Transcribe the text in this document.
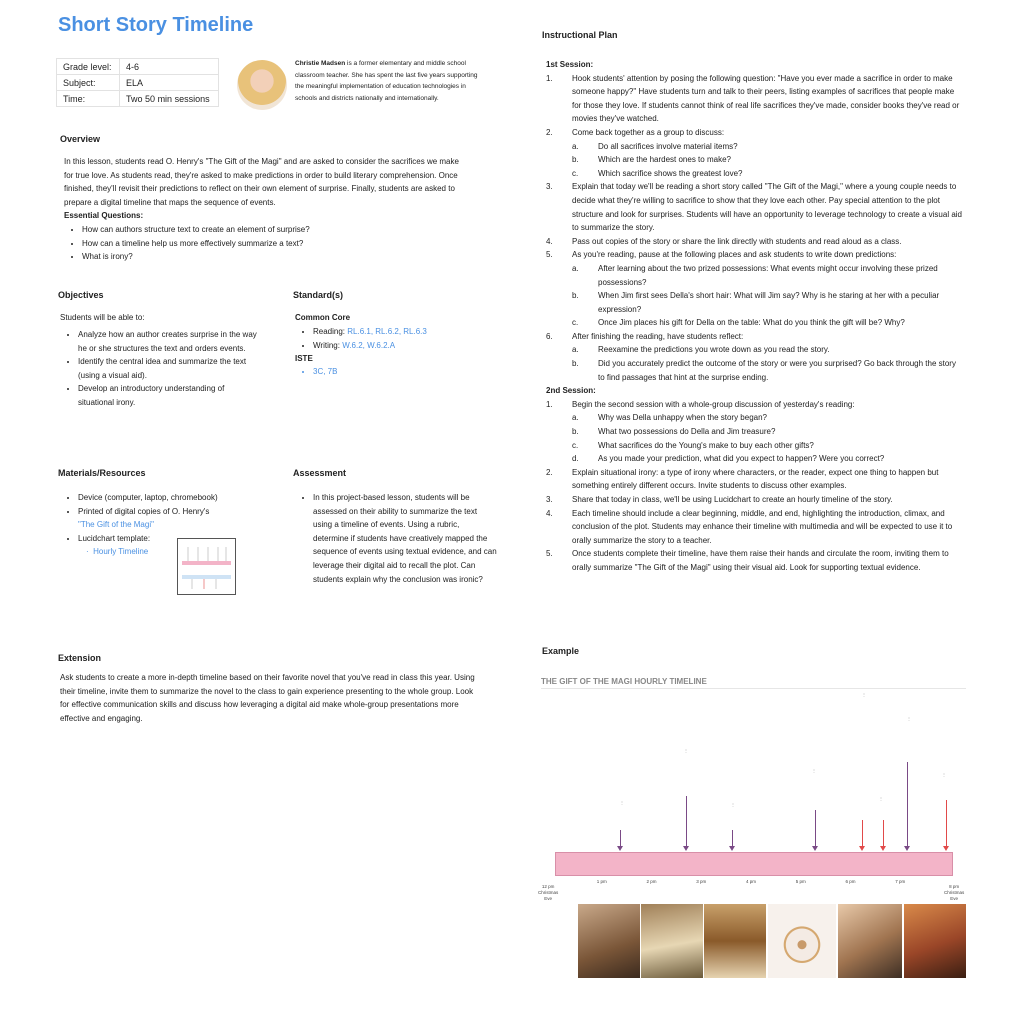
Short Story Timeline
Grade level:	4-6
Subject:	ELA
Time:	Two 50 min sessions
Christie Madsen is a former elementary and middle school classroom teacher. She has spent the last five years supporting the meaningful implementation of education technologies in schools and districts nationally and internationally.
Overview
In this lesson, students read O. Henry's "The Gift of the Magi" and are asked to consider the sacrifices we make for true love. As students read, they're asked to make predictions in order to build literary comprehension. Once finished, they'll revisit their predictions to reflect on their own element of surprise. Finally, students are asked to prepare a digital timeline that maps the sequence of events.
Essential Questions:
• How can authors structure text to create an element of surprise?
• How can a timeline help us more effectively summarize a text?
• What is irony?
Objectives
Students will be able to:
• Analyze how an author creates surprise in the way he or she structures the text and orders events.
• Identify the central idea and summarize the text (using a visual aid).
• Develop an introductory understanding of situational irony.
Standard(s)
Common Core
• Reading: RL.6.1, RL.6.2, RL.6.3
• Writing: W.6.2, W.6.2.A
ISTE
• 3C, 7B
Materials/Resources
• Device (computer, laptop, chromebook)
• Printed of digital copies of O. Henry's
"The Gift of the Magi"
• Lucidchart template:
·  Hourly Timeline
Assessment
• In this project-based lesson, students will be assessed on their ability to summarize the text using a timeline of events. Using a rubric, determine if students have creatively mapped the sequence of events using textual evidence, and can leverage their digital aid to recall the plot. Can students explain why the conclusion was ironic?
Extension
Ask students to create a more in-depth timeline based on their favorite novel that you've read in class this year. Using their timeline, invite them to summarize the novel to the class to gain experience presenting to the whole group. Look for effective communication skills and discuss how leveraging a digital aid make whole-group presentations more effective and engaging.
Instructional Plan
1st Session:
1.	Hook students' attention by posing the following question: "Have you ever made a sacrifice in order to make someone happy?" Have students turn and talk to their peers, listing examples of sacrifices that people make for those they love. If students cannot think of real life sacrifices they've made, consider books they've read or movies they've watched.
2.	Come back together as a group to discuss:
a.	Do all sacrifices involve material items?
b.	Which are the hardest ones to make?
c.	Which sacrifice shows the greatest love?
3.	Explain that today we'll be reading a short story called "The Gift of the Magi," where a young couple needs to decide what they're willing to sacrifice to show that they love each other. Pay special attention to the plot structure and look for surprises. Students will have an opportunity to leverage technology to create a visual aid to summarize the story.
4.	Pass out copies of the story or share the link directly with students and read aloud as a class.
5.	As you're reading, pause at the following places and ask students to write down predictions:
a.	After learning about the two prized possessions: What events might occur involving these prized possessions?
b.	When Jim first sees Della's short hair: What will Jim say? Why is he staring at her with a peculiar expression?
c.	Once Jim places his gift for Della on the table: What do you think the gift will be? Why?
6.	After finishing the reading, have students reflect:
a.	Reexamine the predictions you wrote down as you read the story.
b.	Did you accurately predict the outcome of the story or were you surprised? Go back through the story to find passages that hint at the surprise ending.
2nd Session:
1.	Begin the second session with a whole-group discussion of yesterday's reading:
a.	Why was Della unhappy when the story began?
b.	What two possessions do Della and Jim treasure?
c.	What sacrifices do the Young's make to buy each other gifts?
d.	As you made your prediction, what did you expect to happen? Were you correct?
2.	Explain situational irony: a type of irony where characters, or the reader, expect one thing to happen but something entirely different occurs. Invite students to discuss other examples.
3.	Share that today in class, we'll be using Lucidchart to create an hourly timeline of the story.
4.	Each timeline should include a clear beginning, middle, and end, highlighting the introduction, climax, and conclusion of the plot. Students may enhance their timeline with multimedia and will be expected to use it to orally summarize the story to a teacher.
5.	Once students complete their timeline, have them raise their hands and circulate the room, inviting them to orally summarize "The Gift of the Magi" using their visual aid. Look for supporting textual evidence.
Example
THE GIFT OF THE MAGI HOURLY TIMELINE
⋮
⋮
⋮
⋮
⋮
⋮
⋮
⋮
1 pm	2 pm	3 pm	4 pm	5 pm	6 pm	7 pm
12 pm
Christmas
Eve
8 pm
Christmas
Eve
